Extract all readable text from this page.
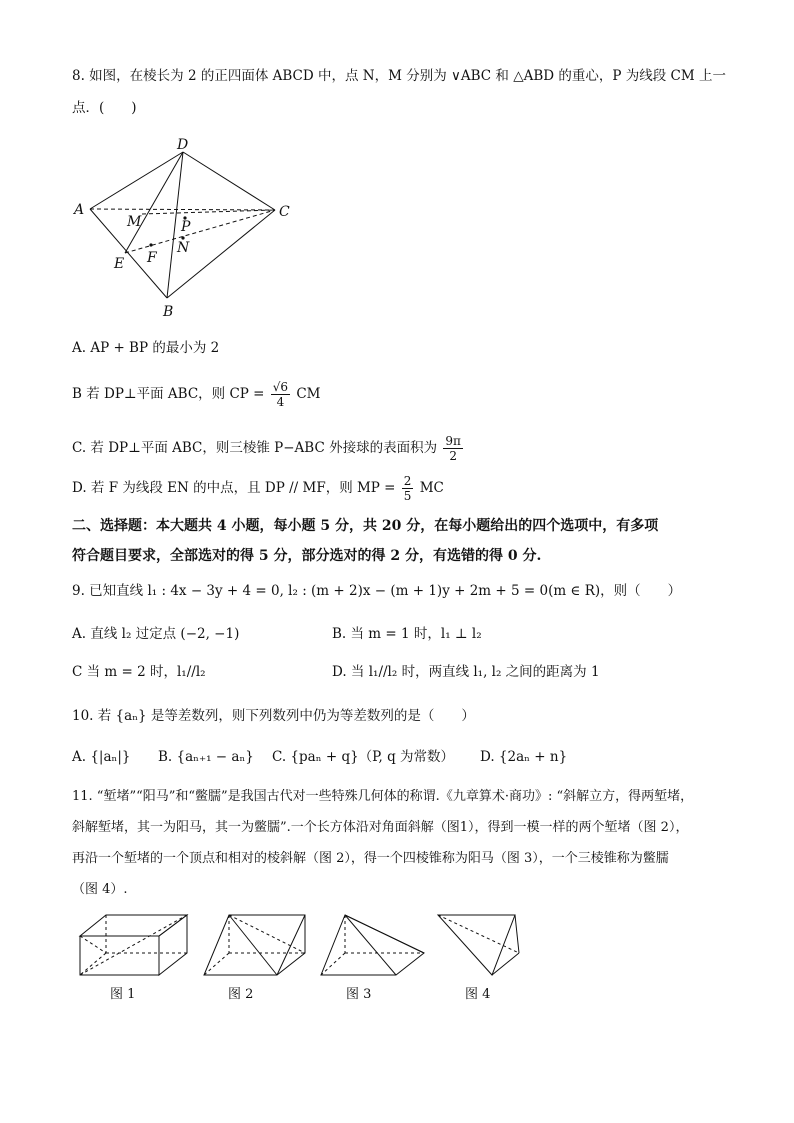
8. 如图，在棱长为 2 的正四面体 ABCD 中，点 N，M 分别为 ∨ABC 和 △ABD 的重心，P 为线段 CM 上一
点．(　　)
D
A	C
M	P
N
E F
B
A. AP + BP 的最小为 2
B 若 DP⊥平面 ABC，则 CP = $\frac{√6}{4}$ CM
C. 若 DP⊥平面 ABC，则三棱锥 P−ABC 外接球的表面积为 $\frac{9\pi}{2}$
D. 若 F 为线段 EN 的中点，且 DP // MF，则 MP = $\frac{2}{5}$ MC
二、选择题：本大题共 4 小题，每小题 5 分，共 20 分，在每小题给出的四个选项中，有多项
符合题目要求，全部选对的得 5 分，部分选对的得 2 分，有选错的得 0 分.
9. 已知直线 l₁ : 4x − 3y + 4 = 0, l₂ : (m + 2)x − (m + 1)y + 2m + 5 = 0(m ∈ R)，则（　　）
A. 直线 l₂ 过定点 (−2, −1)	B. 当 m = 1 时，l₁ ⊥ l₂
C 当 m = 2 时，l₁//l₂	D. 当 l₁//l₂ 时，两直线 l₁, l₂ 之间的距离为 1
10. 若 {aₙ} 是等差数列，则下列数列中仍为等差数列的是（　　）
A. {|aₙ|} B. {aₙ₊₁ − aₙ} C. {paₙ + q}（P, q 为常数） D. {2aₙ + n}
11. “堑堵”“阳马”和“鳖臑”是我国古代对一些特殊几何体的称谓.《九章算术·商功》: “斜解立方，得两堑堵，
斜解堑堵，其一为阳马，其一为鳖臑”.一个长方体沿对角面斜解（图1），得到一模一样的两个堑堵（图 2），
再沿一个堑堵的一个顶点和相对的棱斜解（图 2），得一个四棱锥称为阳马（图 3），一个三棱锥称为鳖臑
（图 4）.
图 1	图 2	图 3	图 4
